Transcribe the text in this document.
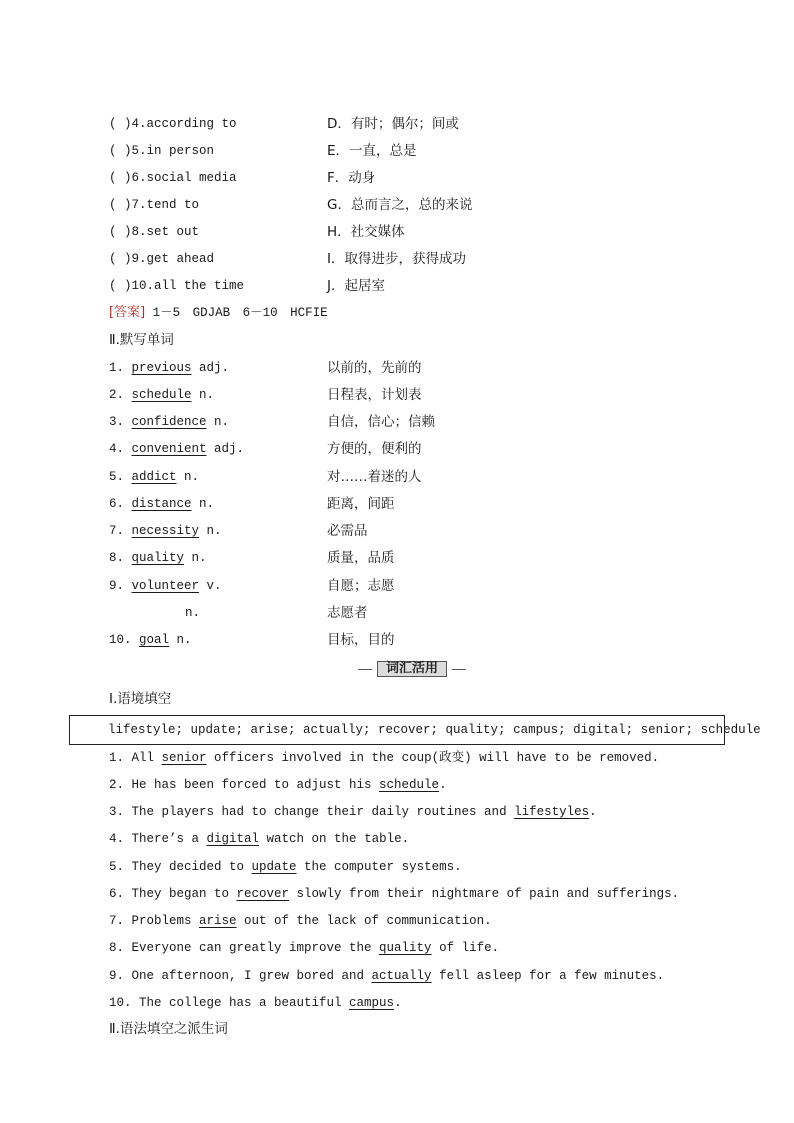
( )4.according to	D．有时；偶尔；间或
( )5.in person	E．一直，总是
( )6.social media	F．动身
( )7.tend to	G．总而言之，总的来说
( )8.set out	H．社交媒体
( )9.get ahead	I．取得进步，获得成功
( )10.all the time	J．起居室
[答案] 1－5　GDJAB　6－10　HCFIE
Ⅱ.默写单词
1. previous adj.	以前的，先前的
2. schedule n.	日程表，计划表
3. confidence n.	自信，信心；信赖
4. convenient adj.	方便的，便利的
5. addict n.	对……着迷的人
6. distance n.	距离，间距
7. necessity n.	必需品
8. quality n.	质量，品质
9. volunteer v.	自愿；志愿
n.	志愿者
10. goal n.	目标，目的
词汇活用
Ⅰ.语境填空
lifestyle; update; arise; actually; recover; quality; campus; digital; senior; schedule
1. All senior officers involved in the coup(政变) will have to be removed.
2. He has been forced to adjust his schedule.
3. The players had to change their daily routines and lifestyles.
4. There’s a digital watch on the table.
5. They decided to update the computer systems.
6. They began to recover slowly from their nightmare of pain and sufferings.
7. Problems arise out of the lack of communication.
8. Everyone can greatly improve the quality of life.
9. One afternoon, I grew bored and actually fell asleep for a few minutes.
10. The college has a beautiful campus.
Ⅱ.语法填空之派生词
